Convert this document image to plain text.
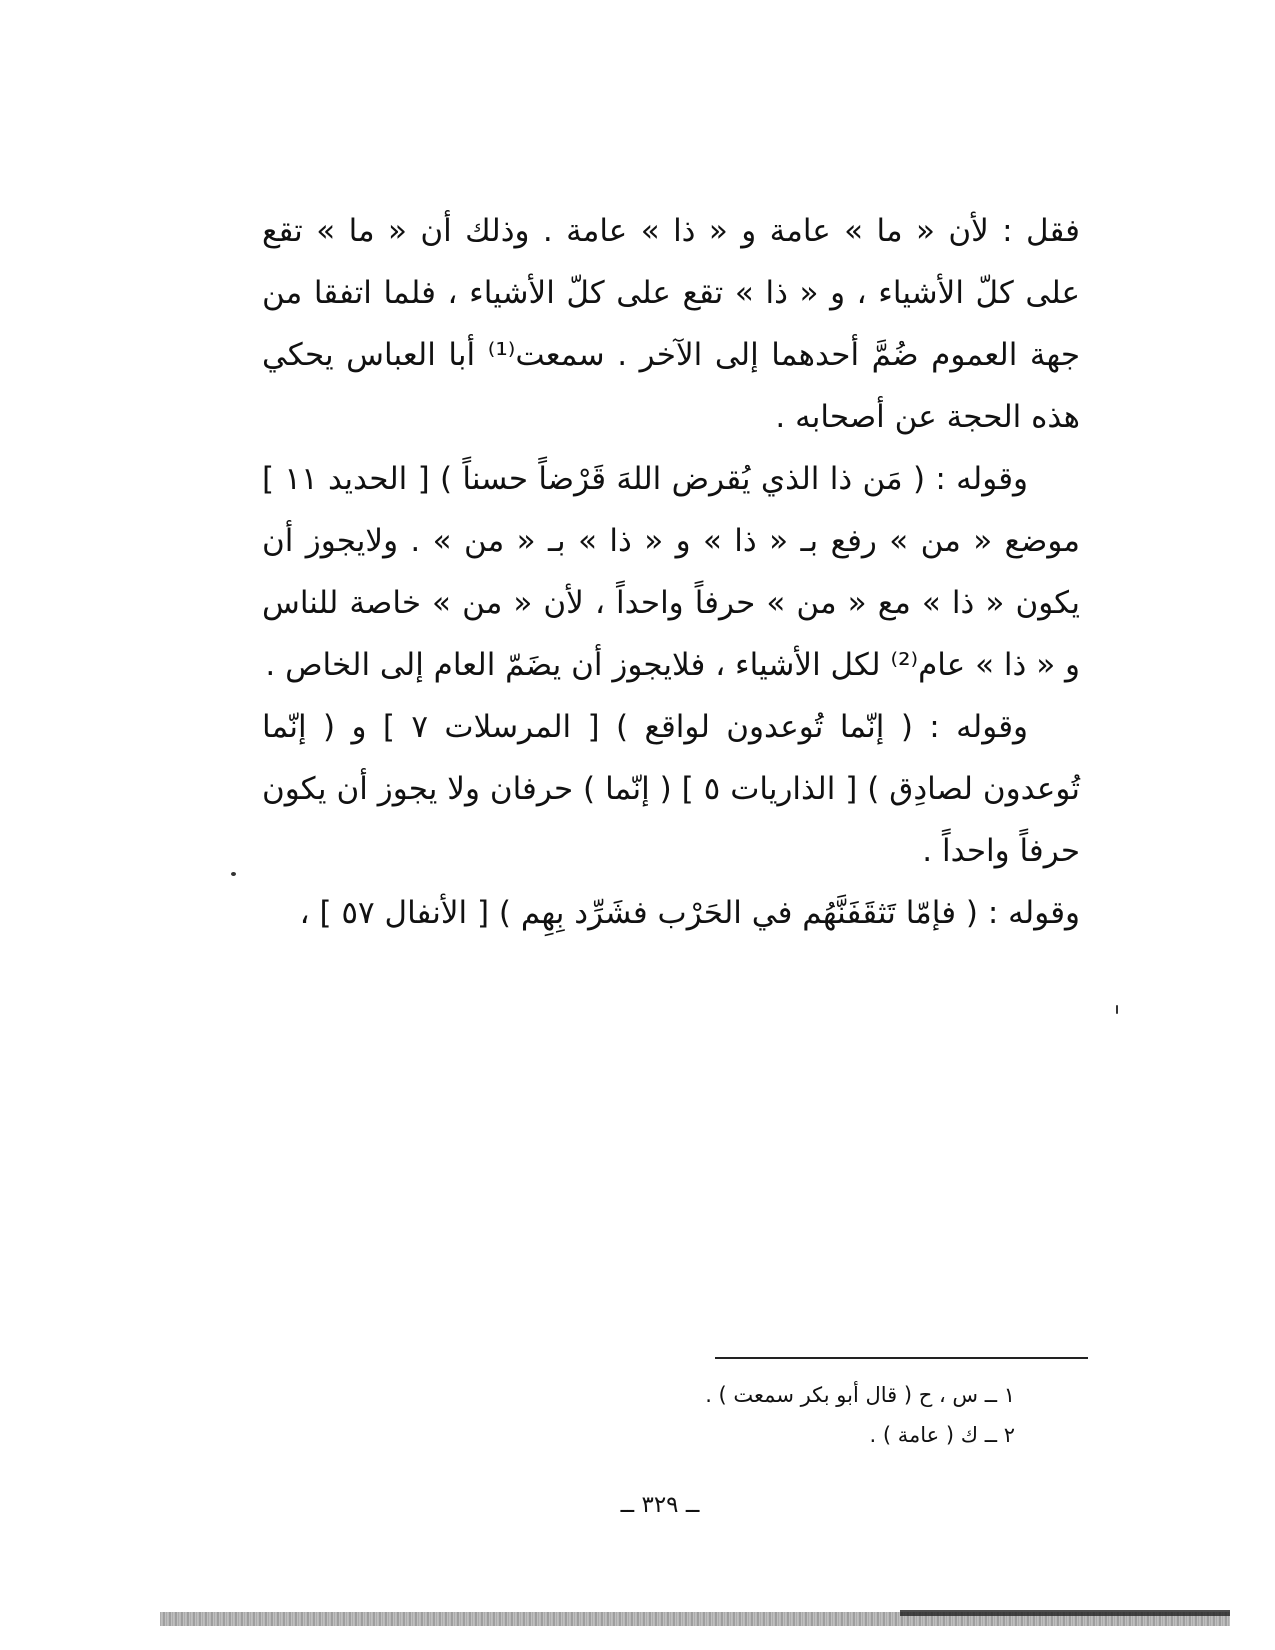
فقل : لأن « ما » عامة و « ذا » عامة . وذلك أن « ما » تقع على كلّ الأشياء ، و « ذا » تقع على كلّ الأشياء ، فلما اتفقا من جهة العموم ضُمَّ أحدهما إلى الآخر . سمعت⁽¹⁾ أبا العباس يحكي هذه الحجة عن أصحابه .

وقوله : ( مَن ذا الذي يُقرض اللهَ قَرْضاً حسناً ) [ الحديد ١١ ] موضع « من » رفع بـ « ذا » و « ذا » بـ « من » . ولايجوز أن يكون « ذا » مع « من » حرفاً واحداً ، لأن « من » خاصة للناس و « ذا » عام⁽²⁾ لكل الأشياء ، فلايجوز أن يضَمّ العام إلى الخاص .

وقوله : ( إنّما تُوعدون لواقع ) [ المرسلات ٧ ] و ( إنّما تُوعدون لصادِق ) [ الذاريات ٥ ] ( إنّما ) حرفان ولا يجوز أن يكون حرفاً واحداً .

وقوله : ( فإمّا تَثقَفَنَّهُم في الحَرْب فشَرِّد بِهِم ) [ الأنفال ٥٧ ] ،

١ ــ س ، ح ( قال أبو بكر سمعت ) .

٢ ــ ك ( عامة ) .

ــ ٣٢٩ ــ
